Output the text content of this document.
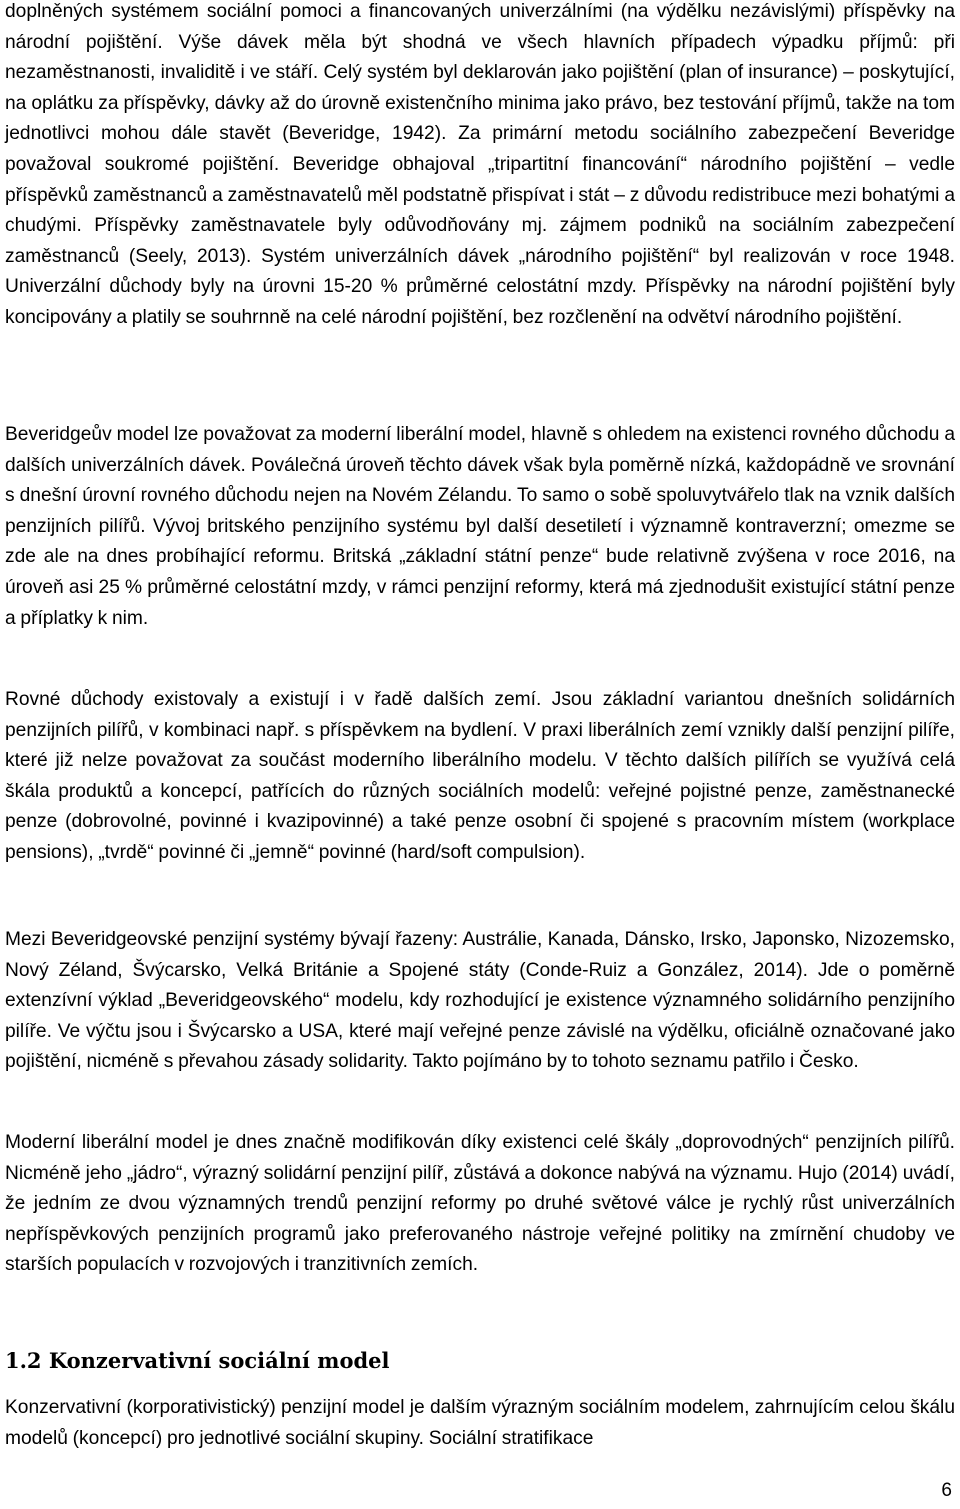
doplněných systémem sociální pomoci a financovaných univerzálními (na výdělku nezávislými) příspěvky na národní pojištění. Výše dávek měla být shodná ve všech hlavních případech výpadku příjmů: při nezaměstnanosti, invaliditě i ve stáří. Celý systém byl deklarován jako pojištění (plan of insurance) – poskytující, na oplátku za příspěvky, dávky až do úrovně existenčního minima jako právo, bez testování příjmů, takže na tom jednotlivci mohou dále stavět (Beveridge, 1942). Za primární metodu sociálního zabezpečení Beveridge považoval soukromé pojištění. Beveridge obhajoval „tripartitní financování“ národního pojištění – vedle příspěvků zaměstnanců a zaměstnavatelů měl podstatně přispívat i stát – z důvodu redistribuce mezi bohatými a chudými. Příspěvky zaměstnavatele byly odůvodňovány mj. zájmem podniků na sociálním zabezpečení zaměstnanců (Seely, 2013). Systém univerzálních dávek „národního pojištění“ byl realizován v roce 1948. Univerzální důchody byly na úrovni 15-20 % průměrné celostátní mzdy. Příspěvky na národní pojištění byly koncipovány a platily se souhrnně na celé národní pojištění, bez rozčlenění na odvětví národního pojištění.

Beveridgeův model lze považovat za moderní liberální model, hlavně s ohledem na existenci rovného důchodu a dalších univerzálních dávek. Poválečná úroveň těchto dávek však byla poměrně nízká, každopádně ve srovnání s dnešní úrovní rovného důchodu nejen na Novém Zélandu. To samo o sobě spoluvytvářelo tlak na vznik dalších penzijních pilířů. Vývoj britského penzijního systému byl další desetiletí i významně kontraverzní; omezme se zde ale na dnes probíhající reformu. Britská „základní státní penze“ bude relativně zvýšena v roce 2016, na úroveň asi 25 % průměrné celostátní mzdy, v rámci penzijní reformy, která má zjednodušit existující státní penze a příplatky k nim.

Rovné důchody existovaly a existují i v řadě dalších zemí. Jsou základní variantou dnešních solidárních penzijních pilířů, v kombinaci např. s příspěvkem na bydlení. V praxi liberálních zemí vznikly další penzijní pilíře, které již nelze považovat za součást moderního liberálního modelu. V těchto dalších pilířích se využívá celá škála produktů a koncepcí, patřících do různých sociálních modelů: veřejné pojistné penze, zaměstnanecké penze (dobrovolné, povinné i kvazipovinné) a také penze osobní či spojené s pracovním místem (workplace pensions), „tvrdě“ povinné či „jemně“ povinné (hard/soft compulsion).

Mezi Beveridgeovské penzijní systémy bývají řazeny: Austrálie, Kanada, Dánsko, Irsko, Japonsko, Nizozemsko, Nový Zéland, Švýcarsko, Velká Británie a Spojené státy (Conde-Ruiz a González, 2014). Jde o poměrně extenzívní výklad „Beveridgeovského“ modelu, kdy rozhodující je existence významného solidárního penzijního pilíře. Ve výčtu jsou i Švýcarsko a USA, které mají veřejné penze závislé na výdělku, oficiálně označované jako pojištění, nicméně s převahou zásady solidarity. Takto pojímáno by to tohoto seznamu patřilo i Česko.

Moderní liberální model je dnes značně modifikován díky existenci celé škály „doprovodných“ penzijních pilířů. Nicméně jeho „jádro“, výrazný solidární penzijní pilíř, zůstává a dokonce nabývá na významu. Hujo (2014) uvádí, že jedním ze dvou významných trendů penzijní reformy po druhé světové válce je rychlý růst univerzálních nepříspěvkových penzijních programů jako preferovaného nástroje veřejné politiky na zmírnění chudoby ve starších populacích v rozvojových i tranzitivních zemích.

1.2 Konzervativní sociální model

Konzervativní (korporativistický) penzijní model je dalším výrazným sociálním modelem, zahrnujícím celou škálu modelů (koncepcí) pro jednotlivé sociální skupiny. Sociální stratifikace

6
